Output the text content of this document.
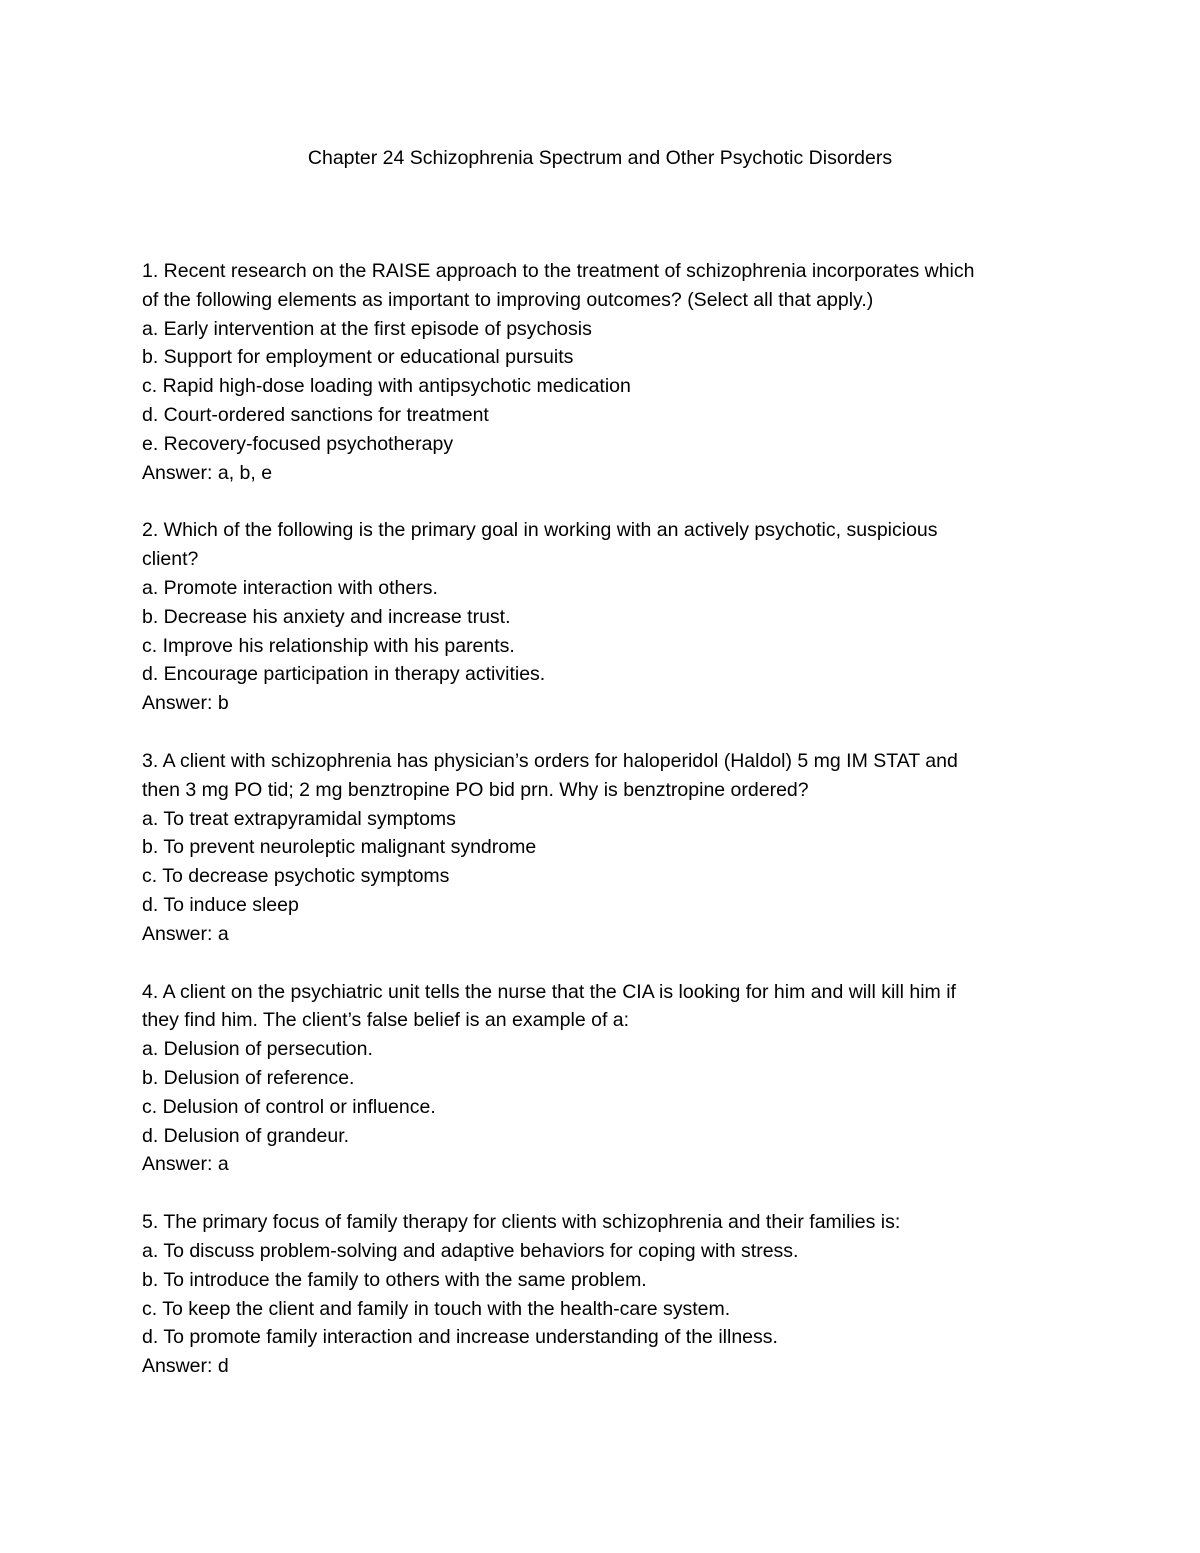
Chapter 24 Schizophrenia Spectrum and Other Psychotic Disorders
1. Recent research on the RAISE approach to the treatment of schizophrenia incorporates which
of the following elements as important to improving outcomes? (Select all that apply.)
a. Early intervention at the first episode of psychosis
b. Support for employment or educational pursuits
c. Rapid high-dose loading with antipsychotic medication
d. Court-ordered sanctions for treatment
e. Recovery-focused psychotherapy
Answer: a, b, e
2. Which of the following is the primary goal in working with an actively psychotic, suspicious
client?
a. Promote interaction with others.
b. Decrease his anxiety and increase trust.
c. Improve his relationship with his parents.
d. Encourage participation in therapy activities.
Answer: b
3. A client with schizophrenia has physician’s orders for haloperidol (Haldol) 5 mg IM STAT and
then 3 mg PO tid; 2 mg benztropine PO bid prn. Why is benztropine ordered?
a. To treat extrapyramidal symptoms
b. To prevent neuroleptic malignant syndrome
c. To decrease psychotic symptoms
d. To induce sleep
Answer: a
4. A client on the psychiatric unit tells the nurse that the CIA is looking for him and will kill him if
they find him. The client’s false belief is an example of a:
a. Delusion of persecution.
b. Delusion of reference.
c. Delusion of control or influence.
d. Delusion of grandeur.
Answer: a
5. The primary focus of family therapy for clients with schizophrenia and their families is:
a. To discuss problem-solving and adaptive behaviors for coping with stress.
b. To introduce the family to others with the same problem.
c. To keep the client and family in touch with the health-care system.
d. To promote family interaction and increase understanding of the illness.
Answer: d
